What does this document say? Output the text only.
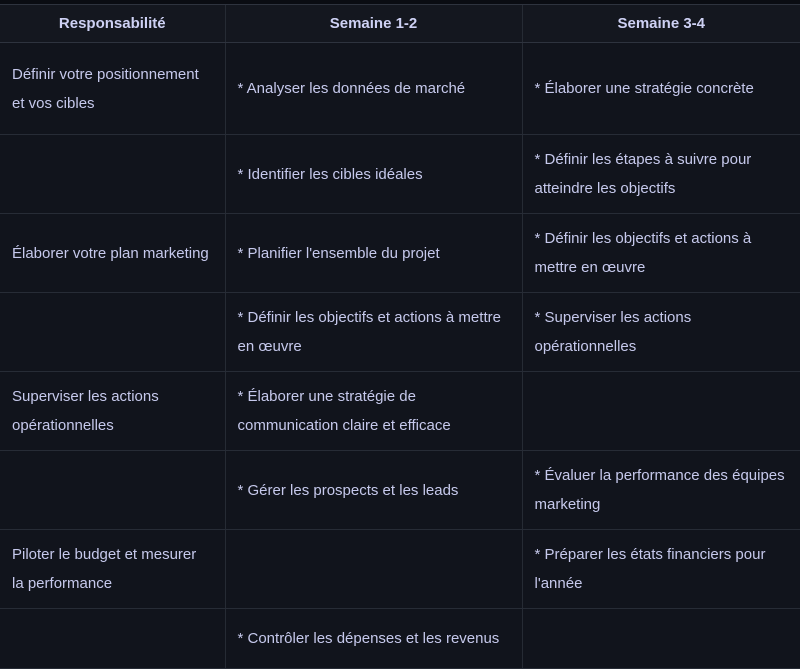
Responsabilité	Semaine 1-2	Semaine 3-4
Définir votre positionnement et vos cibles	* Analyser les données de marché	* Élaborer une stratégie concrète
	* Identifier les cibles idéales	* Définir les étapes à suivre pour atteindre les objectifs
Élaborer votre plan marketing	* Planifier l'ensemble du projet	* Définir les objectifs et actions à mettre en œuvre
	* Définir les objectifs et actions à mettre en œuvre	* Superviser les actions opérationnelles
Superviser les actions opérationnelles	* Élaborer une stratégie de communication claire et efficace	
	* Gérer les prospects et les leads	* Évaluer la performance des équipes marketing
Piloter le budget et mesurer la performance		* Préparer les états financiers pour l'année
	* Contrôler les dépenses et les revenus	
